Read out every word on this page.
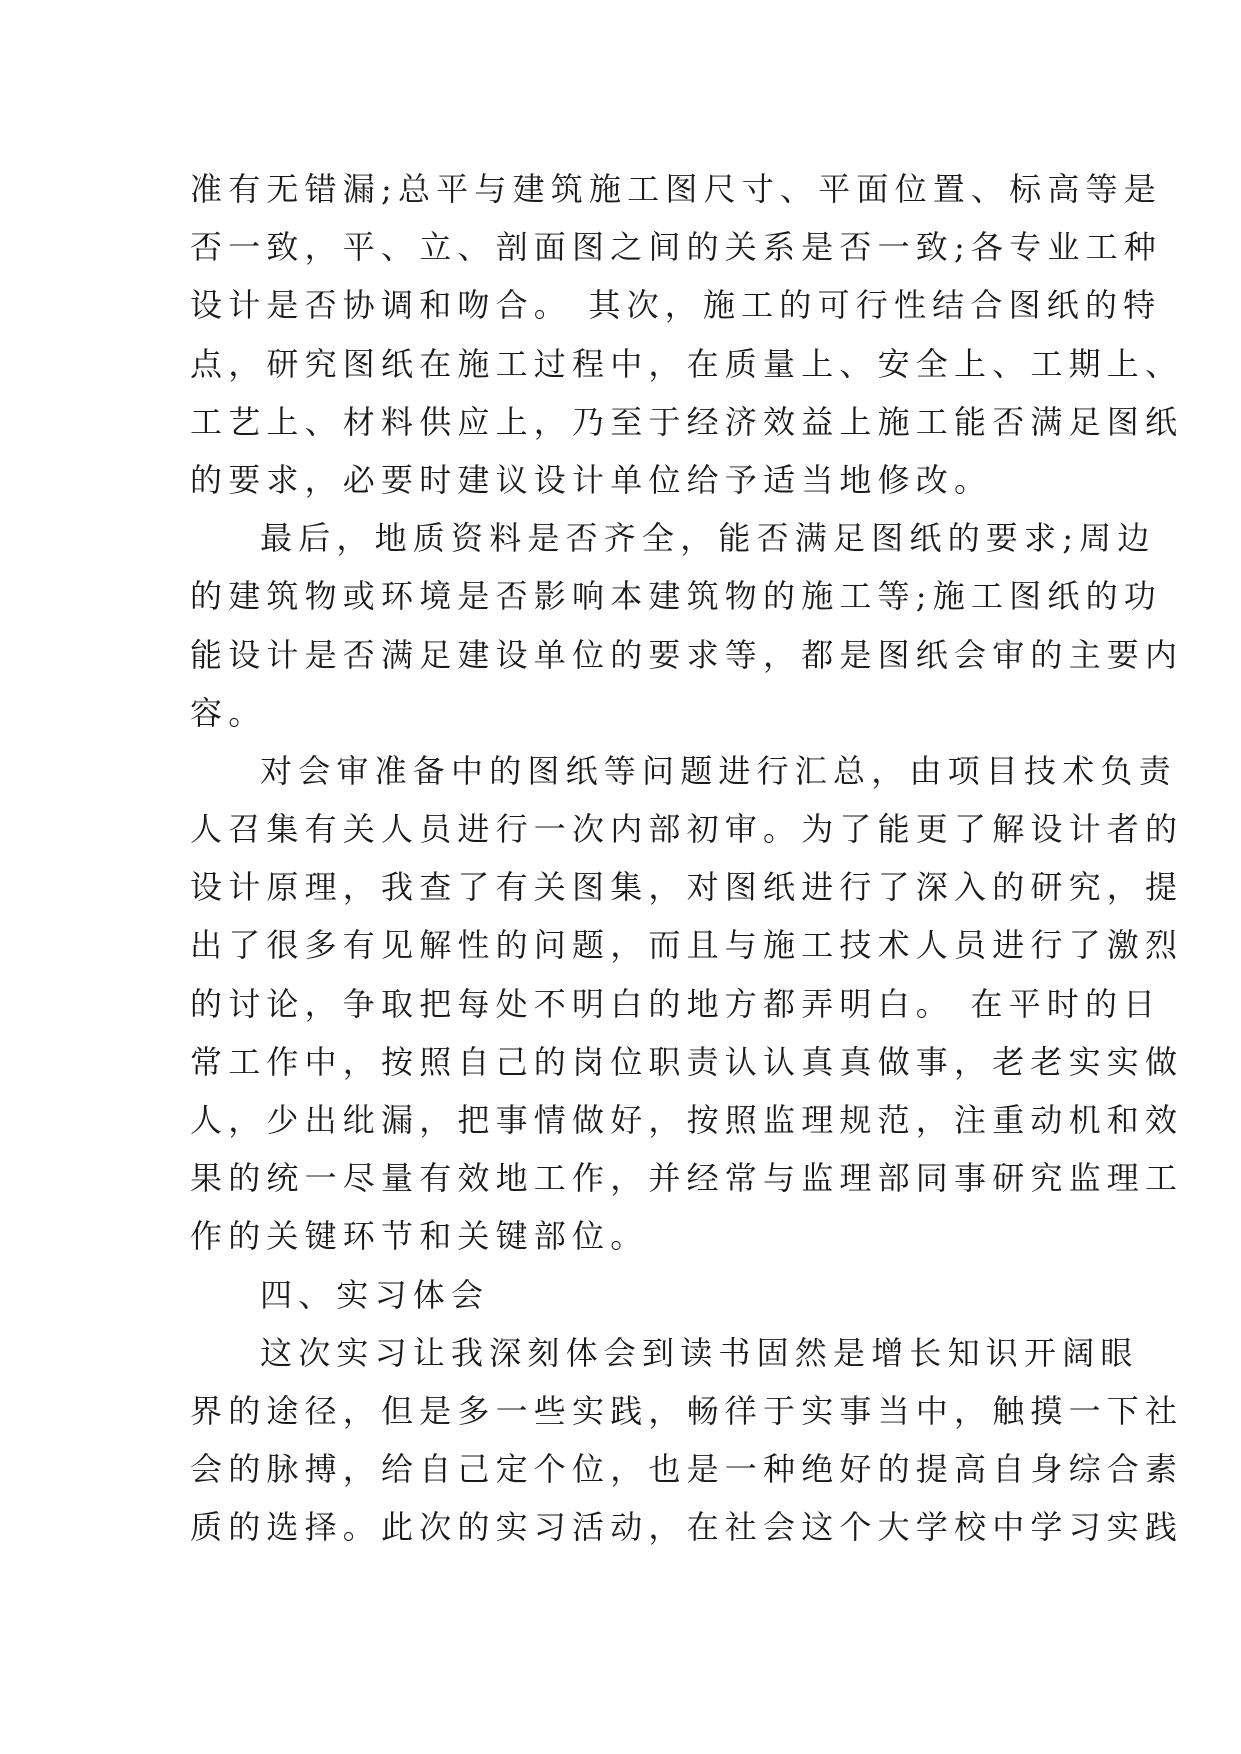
准有无错漏;总平与建筑施工图尺寸、平面位置、标高等是
否一致，平、立、剖面图之间的关系是否一致;各专业工种
设计是否协调和吻合。 其次，施工的可行性结合图纸的特
点，研究图纸在施工过程中，在质量上、安全上、工期上、
工艺上、材料供应上，乃至于经济效益上施工能否满足图纸
的要求，必要时建议设计单位给予适当地修改。
最后，地质资料是否齐全，能否满足图纸的要求;周边
的建筑物或环境是否影响本建筑物的施工等;施工图纸的功
能设计是否满足建设单位的要求等，都是图纸会审的主要内
容。
对会审准备中的图纸等问题进行汇总，由项目技术负责
人召集有关人员进行一次内部初审。为了能更了解设计者的
设计原理，我查了有关图集，对图纸进行了深入的研究，提
出了很多有见解性的问题，而且与施工技术人员进行了激烈
的讨论，争取把每处不明白的地方都弄明白。 在平时的日
常工作中，按照自己的岗位职责认认真真做事，老老实实做
人，少出纰漏，把事情做好，按照监理规范，注重动机和效
果的统一尽量有效地工作，并经常与监理部同事研究监理工
作的关键环节和关键部位。
四、实习体会
这次实习让我深刻体会到读书固然是增长知识开阔眼
界的途径，但是多一些实践，畅徉于实事当中，触摸一下社
会的脉搏，给自己定个位，也是一种绝好的提高自身综合素
质的选择。此次的实习活动，在社会这个大学校中学习实践
